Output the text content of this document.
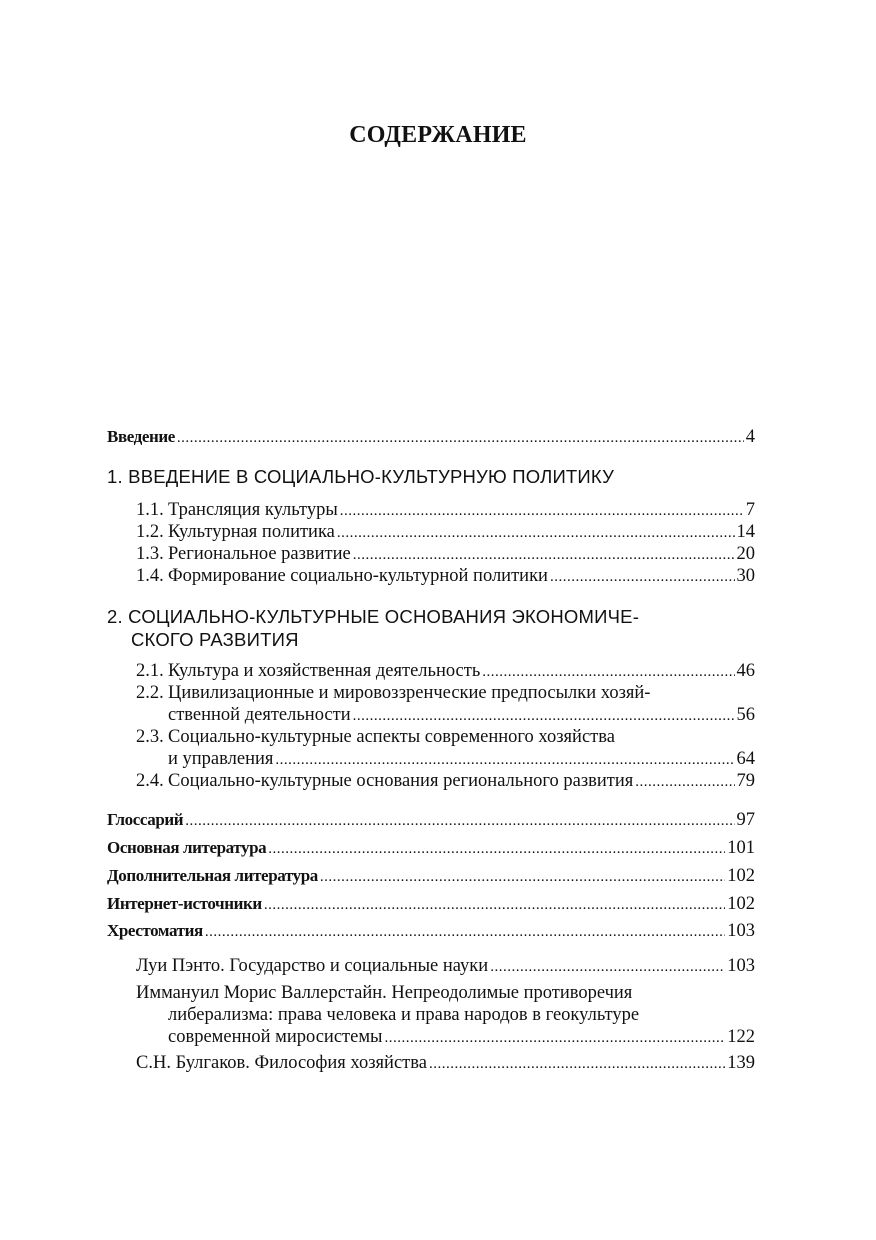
СОДЕРЖАНИЕ
Введение .....	4
1. ВВЕДЕНИЕ В СОЦИАЛЬНО-КУЛЬТУРНУЮ ПОЛИТИКУ
1.1. Трансляция культуры .....	7
1.2. Культурная политика .....	14
1.3. Региональное развитие .....	20
1.4. Формирование социально-культурной политики .....	30
2. СОЦИАЛЬНО-КУЛЬТУРНЫЕ ОСНОВАНИЯ ЭКОНОМИЧЕ-
СКОГО РАЗВИТИЯ
2.1. Культура и хозяйственная деятельность .....	46
2.2. Цивилизационные и мировоззренческие предпосылки хозяй-
ственной деятельности .....	56
2.3. Социально-культурные аспекты современного хозяйства
и управления .....	64
2.4. Социально-культурные основания регионального развития .....	79
Глоссарий .....	97
Основная литература .....	101
Дополнительная литература .....	102
Интернет-источники .....	102
Хрестоматия .....	103
Луи Пэнто. Государство и социальные науки .....	103
Иммануил Морис Валлерстайн. Непреодолимые противоречия
либерализма: права человека и права народов в геокультуре
современной миросистемы .....	122
С.Н. Булгаков. Философия хозяйства .....	139
